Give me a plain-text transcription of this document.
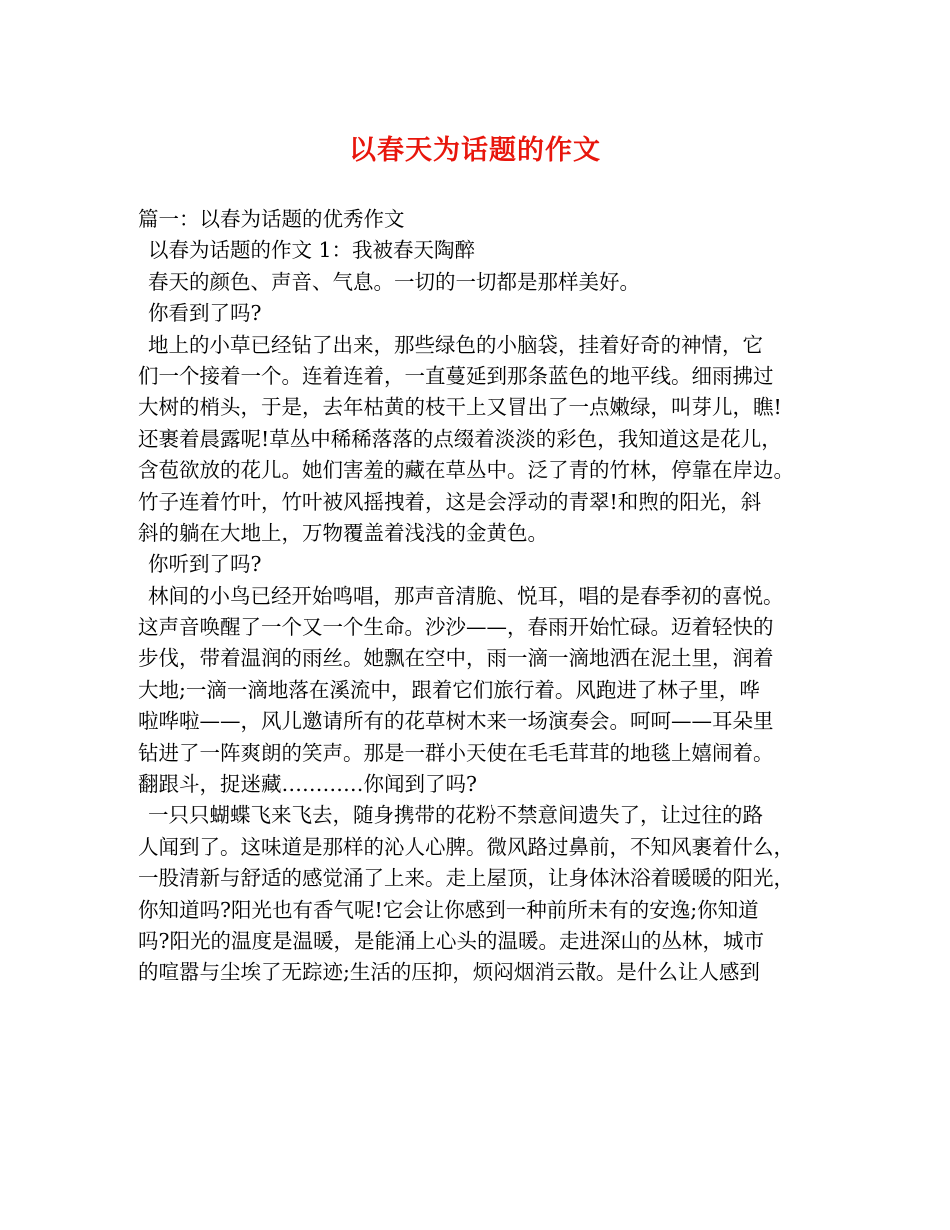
以春天为话题的作文
篇一：以春为话题的优秀作文
以春为话题的作文 1：我被春天陶醉
春天的颜色、声音、气息。一切的一切都是那样美好。
你看到了吗?
地上的小草已经钻了出来，那些绿色的小脑袋，挂着好奇的神情，它
们一个接着一个。连着连着，一直蔓延到那条蓝色的地平线。细雨拂过
大树的梢头，于是，去年枯黄的枝干上又冒出了一点嫩绿，叫芽儿，瞧!
还裹着晨露呢!草丛中稀稀落落的点缀着淡淡的彩色，我知道这是花儿，
含苞欲放的花儿。她们害羞的藏在草丛中。泛了青的竹林，停靠在岸边。
竹子连着竹叶，竹叶被风摇拽着，这是会浮动的青翠!和煦的阳光，斜
斜的躺在大地上，万物覆盖着浅浅的金黄色。
你听到了吗?
林间的小鸟已经开始鸣唱，那声音清脆、悦耳，唱的是春季初的喜悦。
这声音唤醒了一个又一个生命。沙沙——，春雨开始忙碌。迈着轻快的
步伐，带着温润的雨丝。她飘在空中，雨一滴一滴地洒在泥土里，润着
大地;一滴一滴地落在溪流中，跟着它们旅行着。风跑进了林子里，哗
啦哗啦——，风儿邀请所有的花草树木来一场演奏会。呵呵——耳朵里
钻进了一阵爽朗的笑声。那是一群小天使在毛毛茸茸的地毯上嬉闹着。
翻跟斗，捉迷藏…………你闻到了吗?
一只只蝴蝶飞来飞去，随身携带的花粉不禁意间遗失了，让过往的路
人闻到了。这味道是那样的沁人心脾。微风路过鼻前，不知风裹着什么，
一股清新与舒适的感觉涌了上来。走上屋顶，让身体沐浴着暖暖的阳光，
你知道吗?阳光也有香气呢!它会让你感到一种前所未有的安逸;你知道
吗?阳光的温度是温暖，是能涌上心头的温暖。走进深山的丛林，城市
的喧嚣与尘埃了无踪迹;生活的压抑，烦闷烟消云散。是什么让人感到
